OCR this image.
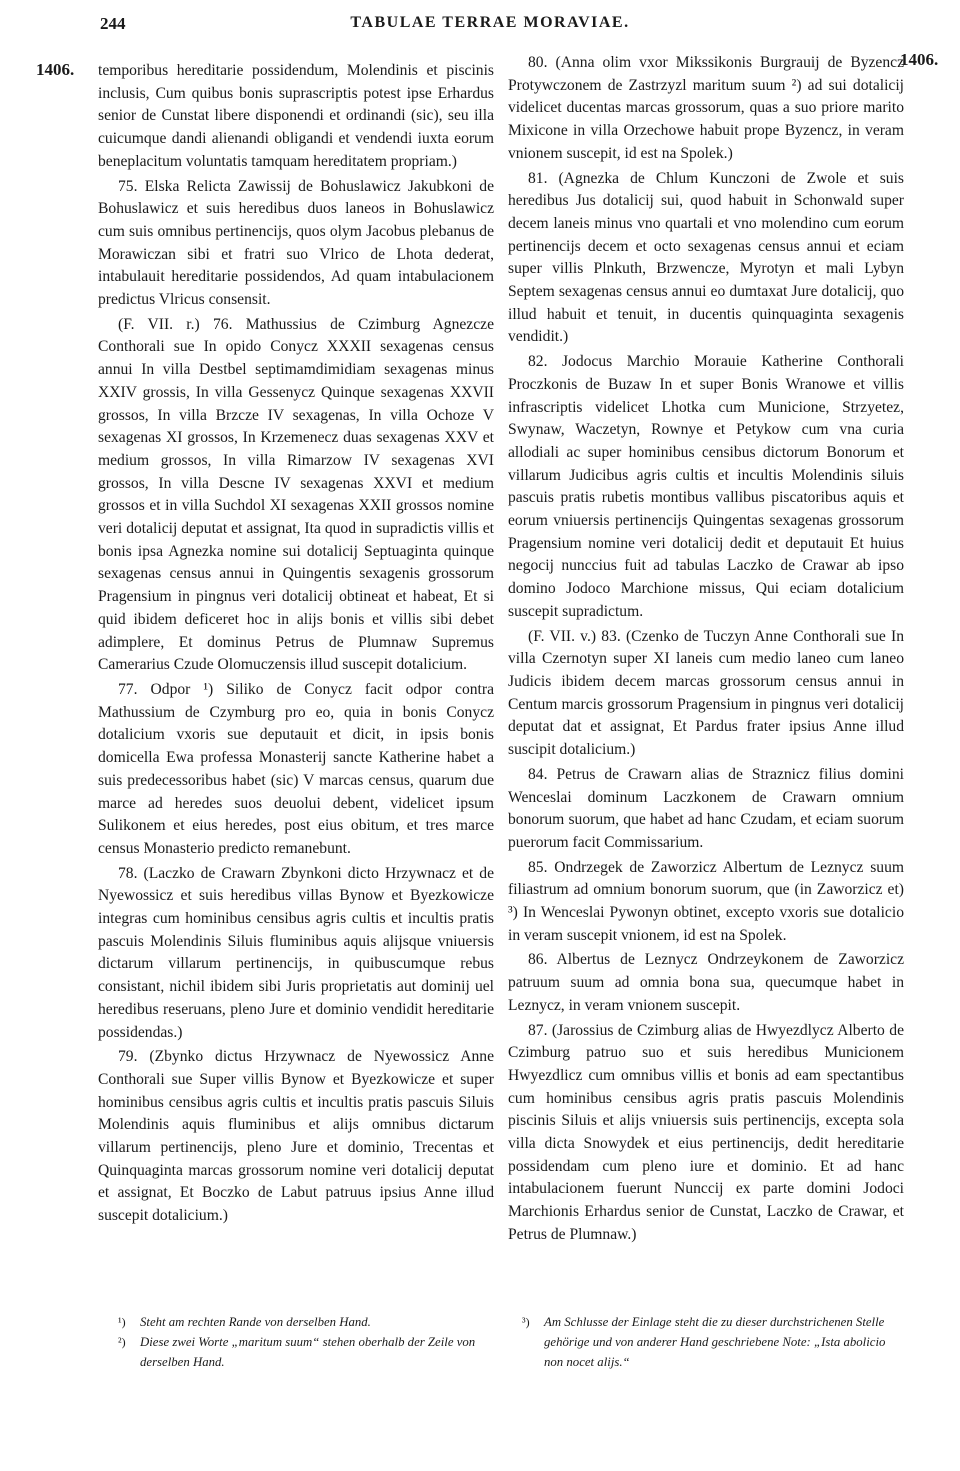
244	TABULAE TERRAE MORAVIAE.
1406.
1406.

temporibus hereditarie possidendum, Molendinis et piscinis inclusis, Cum quibus bonis suprascriptis potest ipse Erhardus senior de Cunstat libere disponendi et ordinandi (sic), seu illa cuicumque dandi alienandi obligandi et vendendi iuxta eorum beneplacitum voluntatis tamquam hereditatem propriam.)

75. Elska Relicta Zawissij de Bohuslawicz Jakubkoni de Bohuslawicz et suis heredibus duos laneos in Bohuslawicz cum suis omnibus pertinencijs, quos olym Jacobus plebanus de Morawiczan sibi et fratri suo Vlrico de Lhota dederat, intabulauit hereditarie possidendos, Ad quam intabulacionem predictus Vlricus consensit.

(F. VII. r.) 76. Mathussius de Czimburg Agnezcze Conthorali sue In opido Conycz XXXII sexagenas census annui In villa Destbel septimamdimidiam sexagenas minus XXIV grossis, In villa Gessenycz Quinque sexagenas XXVII grossos, In villa Brzcze IV sexagenas, In villa Ochoze V sexagenas XI grossos, In Krzemenecz duas sexagenas XXV et medium grossos, In villa Rimarzow IV sexagenas XVI grossos, In villa Descne IV sexagenas XXVI et medium grossos et in villa Suchdol XI sexagenas XXII grossos nomine veri dotalicij deputat et assignat, Ita quod in supradictis villis et bonis ipsa Agnezka nomine sui dotalicij Septuaginta quinque sexagenas census annui in Quingentis sexagenis grossorum Pragensium in pingnus veri dotalicij obtineat et habeat, Et si quid ibidem deficeret hoc in alijs bonis et villis sibi debet adimplere, Et dominus Petrus de Plumnaw Supremus Camerarius Czude Olomuczensis illud suscepit dotalicium.

77. Odpor ¹) Siliko de Conycz facit odpor contra Mathussium de Czymburg pro eo, quia in bonis Conycz dotalicium vxoris sue deputauit et dicit, in ipsis bonis domicella Ewa professa Monasterij sancte Katherine habet a suis predecessoribus habet (sic) V marcas census, quarum due marce ad heredes suos deuolui debent, videlicet ipsum Sulikonem et eius heredes, post eius obitum, et tres marce census Monasterio predicto remanebunt.

78. (Laczko de Crawarn Zbynkoni dicto Hrzywnacz et de Nyewossicz et suis heredibus villas Bynow et Byezkowicze integras cum hominibus censibus agris cultis et incultis pratis pascuis Molendinis Siluis fluminibus aquis alijsque vniuersis dictarum villarum pertinencijs, in quibuscumque rebus consistant, nichil ibidem sibi Juris proprietatis aut dominij uel heredibus reseruans, pleno Jure et dominio vendidit hereditarie possidendas.)

79. (Zbynko dictus Hrzywnacz de Nyewossicz Anne Conthorali sue Super villis Bynow et Byezkowicze et super hominibus censibus agris cultis et incultis pratis pascuis Siluis Molendinis aquis fluminibus et alijs omnibus dictarum villarum pertinencijs, pleno Jure et dominio, Trecentas et Quinquaginta marcas grossorum nomine veri dotalicij deputat et assignat, Et Boczko de Labut patruus ipsius Anne illud suscepit dotalicium.)

80. (Anna olim vxor Mikssikonis Burgrauij de Byzencz Protywczonem de Zastrzyzl maritum suum ²) ad sui dotalicij videlicet ducentas marcas grossorum, quas a suo priore marito Mixicone in villa Orzechowe habuit prope Byzencz, in veram vnionem suscepit, id est na Spolek.)

81. (Agnezka de Chlum Kunczoni de Zwole et suis heredibus Jus dotalicij sui, quod habuit in Schonwald super decem laneis minus vno quartali et vno molendino cum eorum pertinencijs decem et octo sexagenas census annui et eciam super villis Plnkuth, Brzwencze, Myrotyn et mali Lybyn Septem sexagenas census annui eo dumtaxat Jure dotalicij, quo illud habuit et tenuit, in ducentis quinquaginta sexagenis vendidit.)

82. Jodocus Marchio Morauie Katherine Conthorali Proczkonis de Buzaw In et super Bonis Wranowe et villis infrascriptis videlicet Lhotka cum Municione, Strzyetez, Swynaw, Waczetyn, Rownye et Petykow cum vna curia allodiali ac super hominibus censibus dictorum Bonorum et villarum Judicibus agris cultis et incultis Molendinis siluis pascuis pratis rubetis montibus vallibus piscatoribus aquis et eorum vniuersis pertinencijs Quingentas sexagenas grossorum Pragensium nomine veri dotalicij dedit et deputauit Et huius negocij nunccius fuit ad tabulas Laczko de Crawar ab ipso domino Jodoco Marchione missus, Qui eciam dotalicium suscepit supradictum.

(F. VII. v.) 83. (Czenko de Tuczyn Anne Conthorali sue In villa Czernotyn super XI laneis cum medio laneo cum laneo Judicis ibidem decem marcas grossorum census annui in Centum marcis grossorum Pragensium in pingnus veri dotalicij deputat dat et assignat, Et Pardus frater ipsius Anne illud suscipit dotalicium.)

84. Petrus de Crawarn alias de Straznicz filius domini Wenceslai dominum Laczkonem de Crawarn omnium bonorum suorum, que habet ad hanc Czudam, et eciam suorum puerorum facit Commissarium.

85. Ondrzegek de Zaworzicz Albertum de Leznycz suum filiastrum ad omnium bonorum suorum, que (in Zaworzicz et) ³) In Wenceslai Pywonyn obtinet, excepto vxoris sue dotalicio in veram suscepit vnionem, id est na Spolek.

86. Albertus de Leznycz Ondrzeykonem de Zaworzicz patruum suum ad omnia bona sua, quecumque habet in Leznycz, in veram vnionem suscepit.

87. (Jarossius de Czimburg alias de Hwyezdlycz Alberto de Czimburg patruo suo et suis heredibus Municionem Hwyezdlicz cum omnibus villis et bonis ad eam spectantibus cum hominibus censibus agris pratis pascuis Molendinis piscinis Siluis et alijs vniuersis suis pertinencijs, excepta sola villa dicta Snowydek et eius pertinencijs, dedit hereditarie possidendam cum pleno iure et dominio. Et ad hanc intabulacionem fuerunt Nunccij ex parte domini Jodoci Marchionis Erhardus senior de Cunstat, Laczko de Crawar, et Petrus de Plumnaw.)

¹) Steht am rechten Rande von derselben Hand.

²) Diese zwei Worte „maritum suum“ stehen oberhalb der Zeile von derselben Hand.

³) Am Schlusse der Einlage steht die zu dieser durchstrichenen Stelle gehörige und von anderer Hand geschriebene Note: „Ista abolicio non nocet alijs.“
